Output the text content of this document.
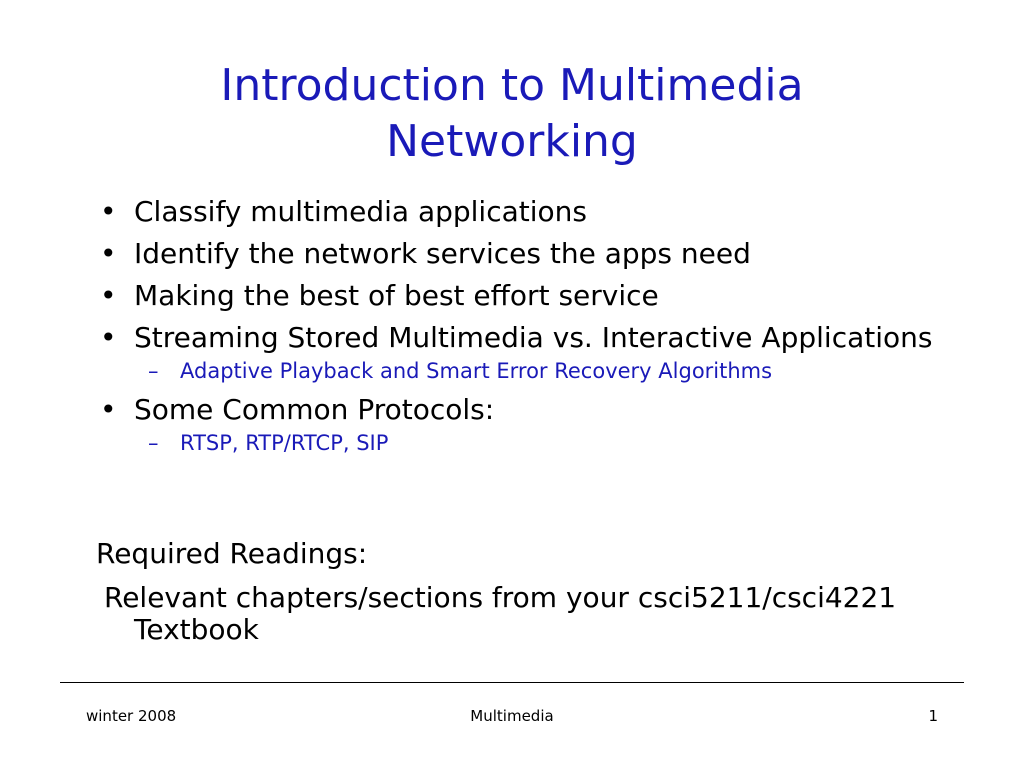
Introduction to Multimedia
Networking
• Classify multimedia applications
• Identify the network services the apps need
• Making the best of best effort service
• Streaming Stored Multimedia vs. Interactive Applications
– Adaptive Playback and Smart Error Recovery Algorithms
• Some Common Protocols:
– RTSP, RTP/RTCP, SIP
Required Readings:
Relevant chapters/sections from your csci5211/csci4221 Textbook
winter 2008	Multimedia	1
